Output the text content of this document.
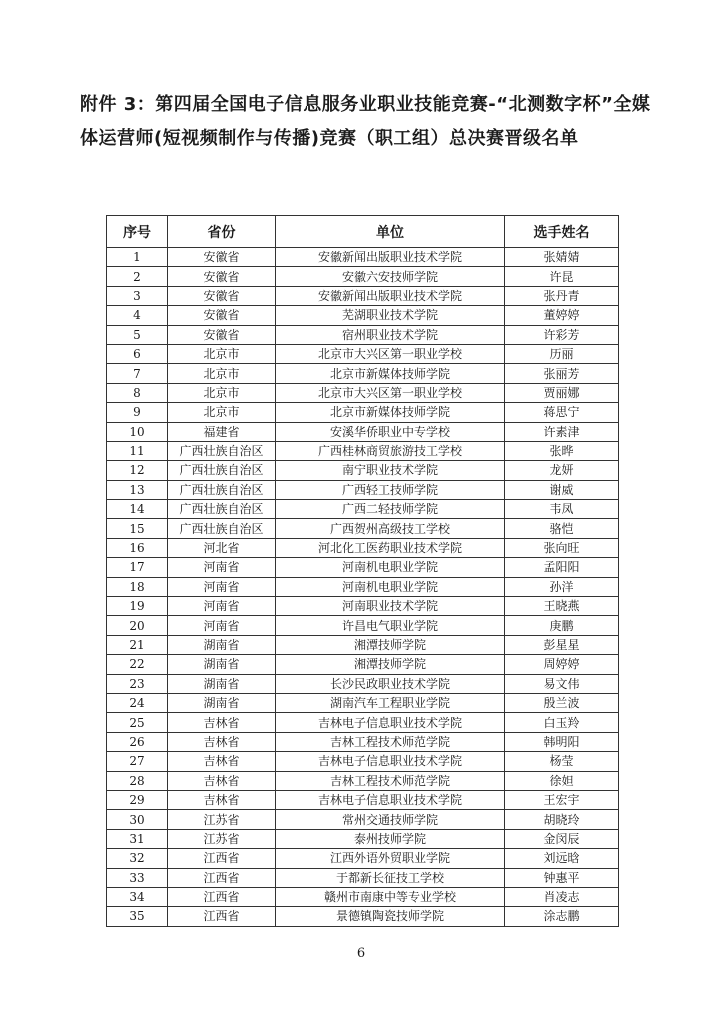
附件 3：第四届全国电子信息服务业职业技能竞赛-“北测数字杯”全媒体运营师(短视频制作与传播)竞赛（职工组）总决赛晋级名单
序号	省份	单位	选手姓名
1	安徽省	安徽新闻出版职业技术学院	张婧婧
2	安徽省	安徽六安技师学院	许昆
3	安徽省	安徽新闻出版职业技术学院	张丹青
4	安徽省	芜湖职业技术学院	董婷婷
5	安徽省	宿州职业技术学院	许彩芳
6	北京市	北京市大兴区第一职业学校	历丽
7	北京市	北京市新媒体技师学院	张丽芳
8	北京市	北京市大兴区第一职业学校	贾丽娜
9	北京市	北京市新媒体技师学院	蒋思宁
10	福建省	安溪华侨职业中专学校	许素津
11	广西壮族自治区	广西桂林商贸旅游技工学校	张晔
12	广西壮族自治区	南宁职业技术学院	龙妍
13	广西壮族自治区	广西轻工技师学院	谢威
14	广西壮族自治区	广西二轻技师学院	韦凤
15	广西壮族自治区	广西贺州高级技工学校	骆恺
16	河北省	河北化工医药职业技术学院	张向旺
17	河南省	河南机电职业学院	孟阳阳
18	河南省	河南机电职业学院	孙洋
19	河南省	河南职业技术学院	王晓燕
20	河南省	许昌电气职业学院	庚鹏
21	湖南省	湘潭技师学院	彭星星
22	湖南省	湘潭技师学院	周婷婷
23	湖南省	长沙民政职业技术学院	易文伟
24	湖南省	湖南汽车工程职业学院	殷兰波
25	吉林省	吉林电子信息职业技术学院	白玉羚
26	吉林省	吉林工程技术师范学院	韩明阳
27	吉林省	吉林电子信息职业技术学院	杨莹
28	吉林省	吉林工程技术师范学院	徐妲
29	吉林省	吉林电子信息职业技术学院	王宏宇
30	江苏省	常州交通技师学院	胡晓玲
31	江苏省	泰州技师学院	金闵辰
32	江西省	江西外语外贸职业学院	刘远晗
33	江西省	于都新长征技工学校	钟惠平
34	江西省	赣州市南康中等专业学校	肖凌志
35	江西省	景德镇陶瓷技师学院	涂志鹏
6
